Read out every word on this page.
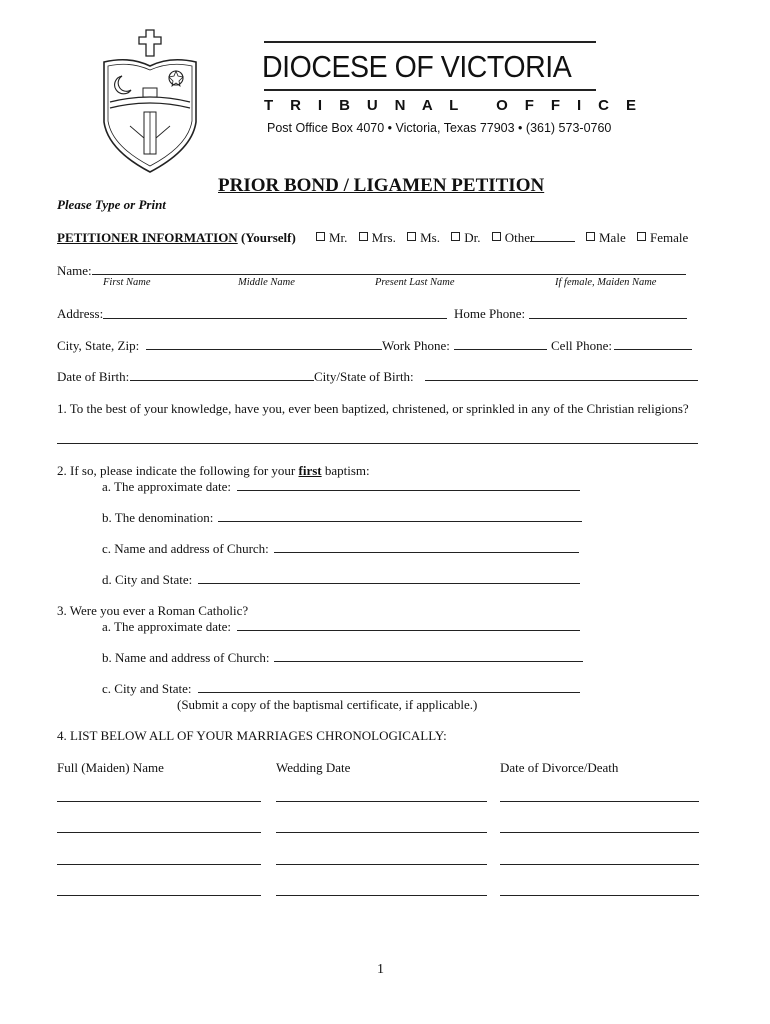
DIOCESE OF VICTORIA
T R I B U N A L   O F F I C E
Post Office Box 4070 • Victoria, Texas 77903 • (361) 573-0760
PRIOR BOND / LIGAMEN PETITION
Please Type or Print
PETITIONER INFORMATION (Yourself)	Mr. Mrs. Ms. Dr. Other	Male Female
Name:
First Name	Middle Name	Present Last Name	If female, Maiden Name
Address:	Home Phone:
City, State, Zip:	Work Phone:	Cell Phone:
Date of Birth:	City/State of Birth:
1. To the best of your knowledge, have you, ever been baptized, christened, or sprinkled in any of the Christian religions?
2. If so, please indicate the following for your first baptism:
a. The approximate date:
b. The denomination:
c. Name and address of Church:
d. City and State:
3. Were you ever a Roman Catholic?
a. The approximate date:
b. Name and address of Church:
c. City and State:
(Submit a copy of the baptismal certificate, if applicable.)
4. LIST BELOW ALL OF YOUR MARRIAGES CHRONOLOGICALLY:
Full (Maiden) Name	Wedding Date	Date of Divorce/Death
1
